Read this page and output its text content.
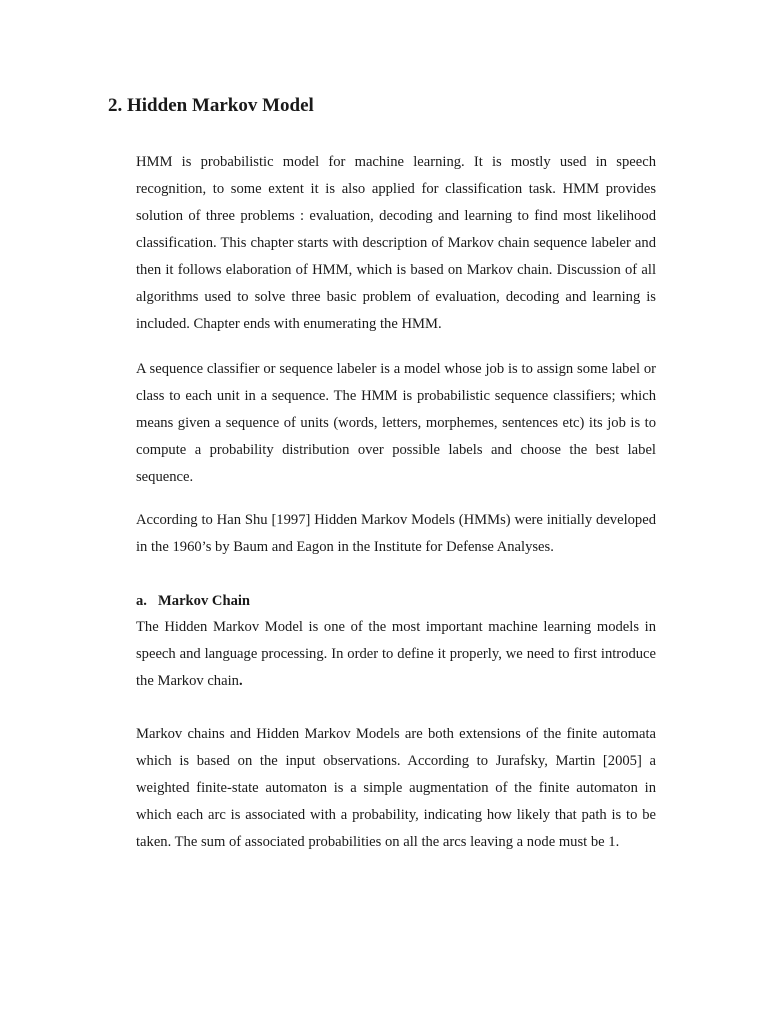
2. Hidden Markov Model

HMM is probabilistic model for machine learning. It is mostly used in speech recognition, to some extent it is also applied for classification task. HMM provides solution of three problems : evaluation, decoding and learning to find most likelihood classification. This chapter starts with description of Markov chain sequence labeler and then it follows elaboration of HMM, which is based on Markov chain. Discussion of all algorithms used to solve three basic problem of evaluation, decoding and learning is included. Chapter ends with enumerating the HMM.

A sequence classifier or sequence labeler is a model whose job is to assign some label or class to each unit in a sequence. The HMM is probabilistic sequence classifiers; which means given a sequence of units (words, letters, morphemes, sentences etc) its job is to compute a probability distribution over possible labels and choose the best label sequence.

According to Han Shu [1997] Hidden Markov Models (HMMs) were initially developed in the 1960’s by Baum and Eagon in the Institute for Defense Analyses.

a. Markov Chain

The Hidden Markov Model is one of the most important machine learning models in speech and language processing. In order to define it properly, we need to first introduce the Markov chain.

Markov chains and Hidden Markov Models are both extensions of the finite automata which is based on the input observations. According to Jurafsky, Martin [2005] a weighted finite-state automaton is a simple augmentation of the finite automaton in which each arc is associated with a probability, indicating how likely that path is to be taken. The sum of associated probabilities on all the arcs leaving a node must be 1.
